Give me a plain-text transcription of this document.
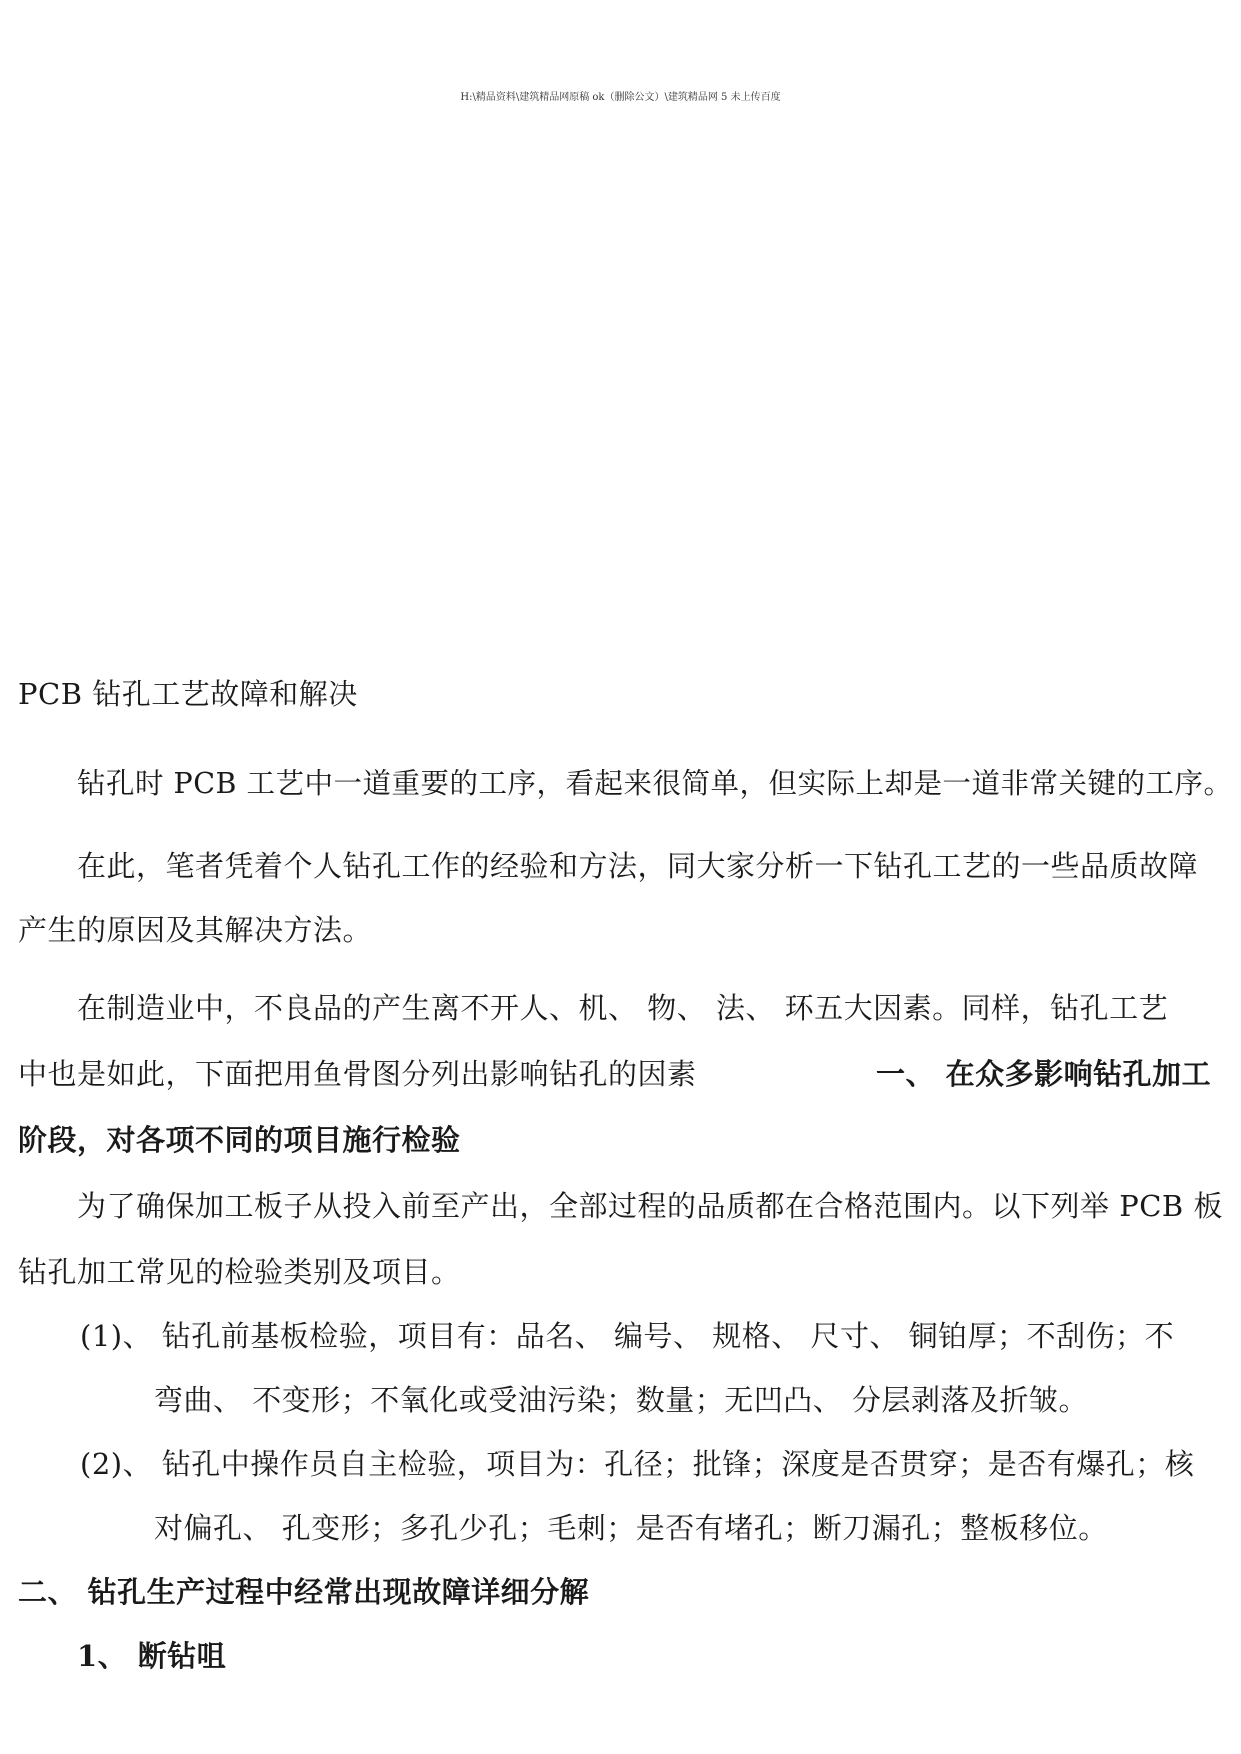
H:\精品资料\建筑精品网原稿 ok（删除公文）\建筑精品网 5 未上传百度
PCB 钻孔工艺故障和解决
钻孔时 PCB 工艺中一道重要的工序，看起来很简单，但实际上却是一道非常关键的工序。
在此，笔者凭着个人钻孔工作的经验和方法，同大家分析一下钻孔工艺的一些品质故障
产生的原因及其解决方法。
在制造业中，不良品的产生离不开人、机、 物、 法、 环五大因素。同样，钻孔工艺
中也是如此，下面把用鱼骨图分列出影响钻孔的因素	一、 在众多影响钻孔加工
阶段，对各项不同的项目施行检验
为了确保加工板子从投入前至产出，全部过程的品质都在合格范围内。以下列举 PCB 板
钻孔加工常见的检验类别及项目。
(1)、 钻孔前基板检验，项目有：品名、 编号、 规格、 尺寸、 铜铂厚；不刮伤；不
弯曲、 不变形；不氧化或受油污染；数量；无凹凸、 分层剥落及折皱。
(2)、 钻孔中操作员自主检验，项目为：孔径；批锋；深度是否贯穿；是否有爆孔；核
对偏孔、 孔变形；多孔少孔；毛刺；是否有堵孔；断刀漏孔；整板移位。
二、 钻孔生产过程中经常出现故障详细分解
1、 断钻咀
